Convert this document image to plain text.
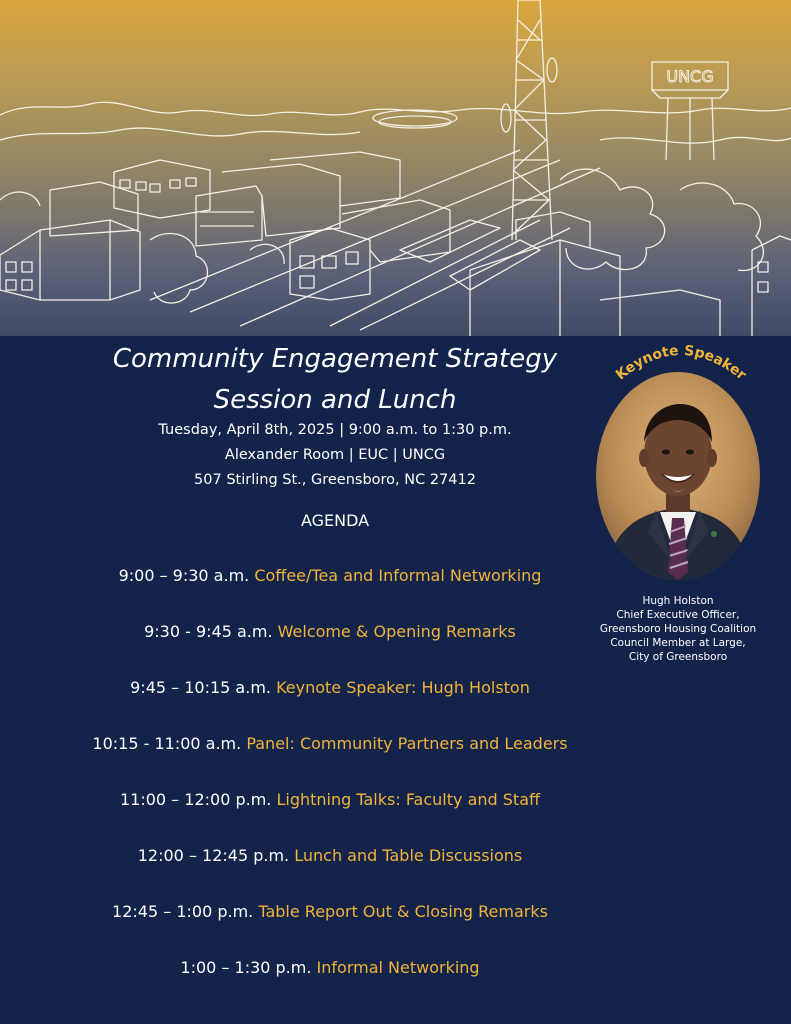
UNCG
Community Engagement Strategy
Session and Lunch
Tuesday, April 8th, 2025 | 9:00 a.m. to 1:30 p.m.
Alexander Room | EUC | UNCG
507 Stirling St., Greensboro, NC 27412
AGENDA
9:00 – 9:30 a.m. Coffee/Tea and Informal Networking
9:30 - 9:45 a.m. Welcome & Opening Remarks
9:45 – 10:15 a.m. Keynote Speaker: Hugh Holston
10:15 - 11:00 a.m. Panel: Community Partners and Leaders
11:00 – 12:00 p.m. Lightning Talks: Faculty and Staff
12:00 – 12:45 p.m. Lunch and Table Discussions
12:45 – 1:00 p.m. Table Report Out & Closing Remarks
1:00 – 1:30 p.m. Informal Networking
Keynote Speaker
Hugh Holston
Chief Executive Officer,
Greensboro Housing Coalition
Council Member at Large,
City of Greensboro
